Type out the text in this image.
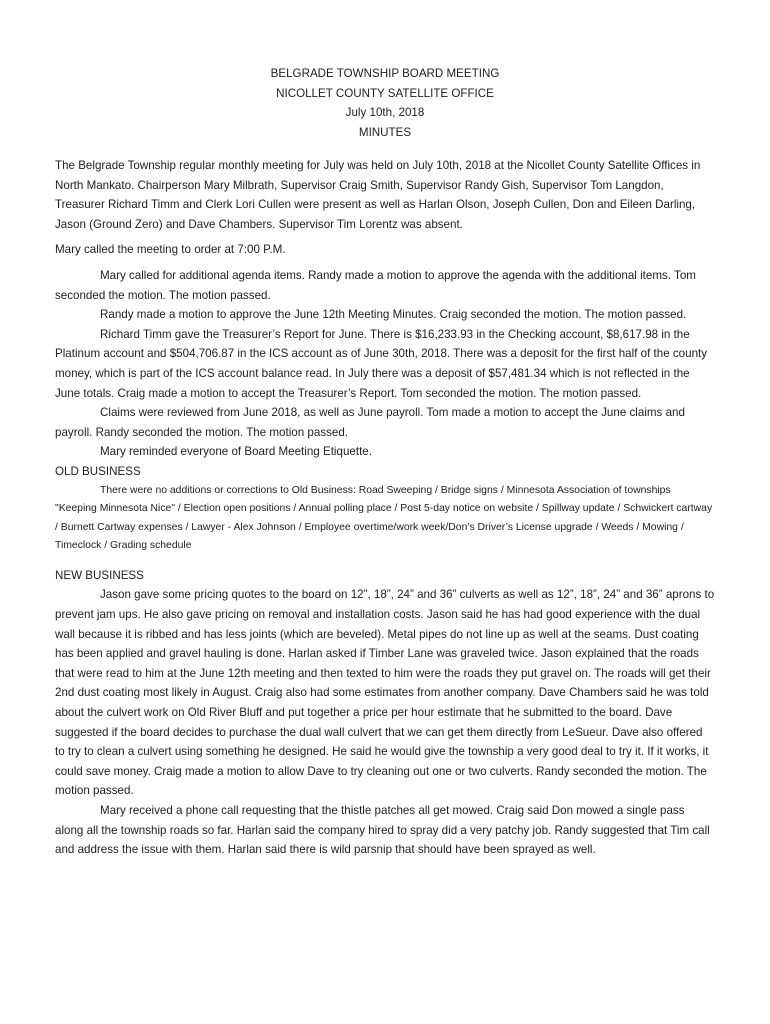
BELGRADE TOWNSHIP BOARD MEETING
NICOLLET COUNTY SATELLITE OFFICE
July 10th, 2018
MINUTES

The Belgrade Township regular monthly meeting for July was held on July 10th, 2018 at the Nicollet County Satellite Offices in North Mankato. Chairperson Mary Milbrath, Supervisor Craig Smith, Supervisor Randy Gish, Supervisor Tom Langdon, Treasurer Richard Timm and Clerk Lori Cullen were present as well as Harlan Olson, Joseph Cullen, Don and Eileen Darling, Jason (Ground Zero) and Dave Chambers. Supervisor Tim Lorentz was absent.

Mary called the meeting to order at 7:00 P.M.

Mary called for additional agenda items. Randy made a motion to approve the agenda with the additional items. Tom seconded the motion. The motion passed.

Randy made a motion to approve the June 12th Meeting Minutes. Craig seconded the motion. The motion passed.

Richard Timm gave the Treasurer’s Report for June. There is $16,233.93 in the Checking account, $8,617.98 in the Platinum account and $504,706.87 in the ICS account as of June 30th, 2018. There was a deposit for the first half of the county money, which is part of the ICS account balance read. In July there was a deposit of $57,481.34 which is not reflected in the June totals. Craig made a motion to accept the Treasurer’s Report. Tom seconded the motion. The motion passed.

Claims were reviewed from June 2018, as well as June payroll. Tom made a motion to accept the June claims and payroll. Randy seconded the motion. The motion passed.

Mary reminded everyone of Board Meeting Etiquette.

OLD BUSINESS

There were no additions or corrections to Old Business: Road Sweeping / Bridge signs / Minnesota Association of townships "Keeping Minnesota Nice" / Election open positions / Annual polling place / Post 5-day notice on website / Spillway update / Schwickert cartway / Burnett Cartway expenses / Lawyer - Alex Johnson / Employee overtime/work week/Don’s Driver’s License upgrade / Weeds / Mowing / Timeclock / Grading schedule

NEW BUSINESS

Jason gave some pricing quotes to the board on 12”, 18”, 24” and 36” culverts as well as 12”, 18”, 24” and 36” aprons to prevent jam ups. He also gave pricing on removal and installation costs. Jason said he has had good experience with the dual wall because it is ribbed and has less joints (which are beveled). Metal pipes do not line up as well at the seams. Dust coating has been applied and gravel hauling is done. Harlan asked if Timber Lane was graveled twice. Jason explained that the roads that were read to him at the June 12th meeting and then texted to him were the roads they put gravel on. The roads will get their 2nd dust coating most likely in August. Craig also had some estimates from another company. Dave Chambers said he was told about the culvert work on Old River Bluff and put together a price per hour estimate that he submitted to the board. Dave suggested if the board decides to purchase the dual wall culvert that we can get them directly from LeSueur. Dave also offered to try to clean a culvert using something he designed. He said he would give the township a very good deal to try it. If it works, it could save money. Craig made a motion to allow Dave to try cleaning out one or two culverts. Randy seconded the motion. The motion passed.

Mary received a phone call requesting that the thistle patches all get mowed. Craig said Don mowed a single pass along all the township roads so far. Harlan said the company hired to spray did a very patchy job. Randy suggested that Tim call and address the issue with them. Harlan said there is wild parsnip that should have been sprayed as well.
